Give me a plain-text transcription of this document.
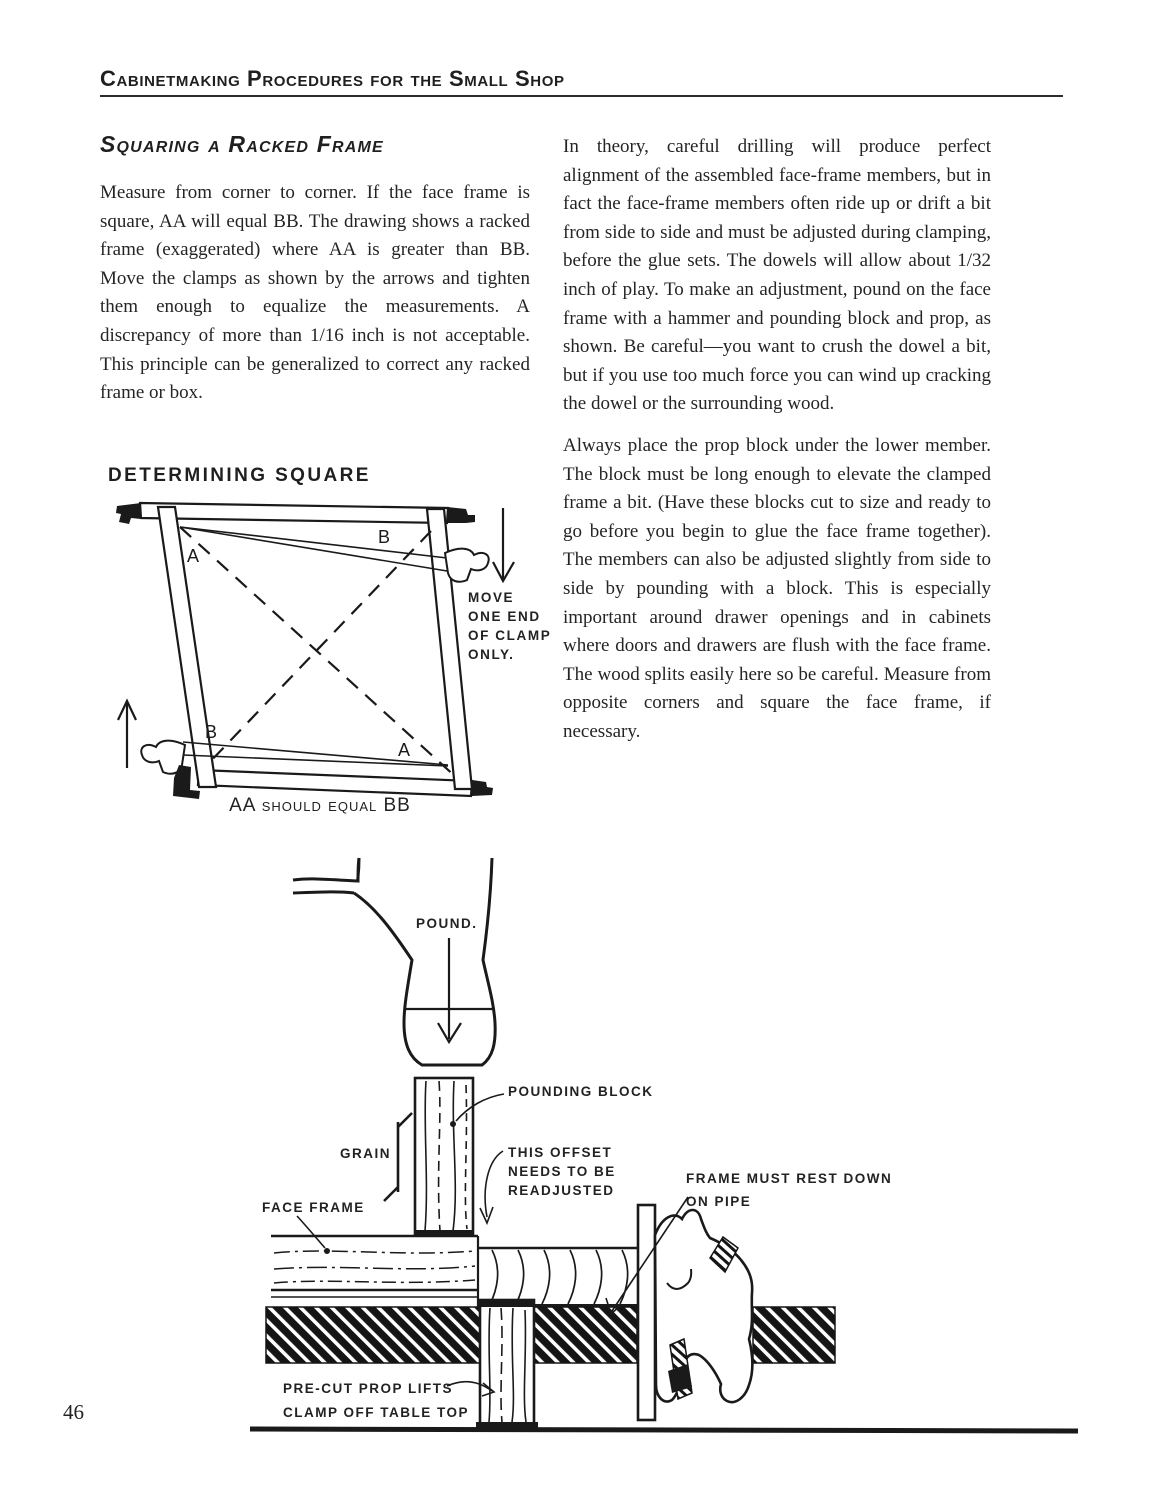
Cabinetmaking Procedures for the Small Shop
Squaring a Racked Frame

Measure from corner to corner. If the face frame is square, AA will equal BB. The drawing shows a racked frame (exaggerated) where AA is greater than BB. Move the clamps as shown by the arrows and tighten them enough to equalize the measurements. A discrepancy of more than 1/16 inch is not acceptable. This principle can be generalized to correct any racked frame or box.

In theory, careful drilling will produce perfect alignment of the assembled face-frame members, but in fact the face-frame members often ride up or drift a bit from side to side and must be adjusted during clamping, before the glue sets. The dowels will allow about 1/32 inch of play. To make an adjustment, pound on the face frame with a hammer and pounding block and prop, as shown. Be careful—you want to crush the dowel a bit, but if you use too much force you can wind up cracking the dowel or the surrounding wood.

Always place the prop block under the lower member. The block must be long enough to elevate the clamped frame a bit. (Have these blocks cut to size and ready to go before you begin to glue the face frame together). The members can also be adjusted slightly from side to side by pounding with a block. This is especially important around drawer openings and in cabinets where doors and drawers are flush with the face frame. The wood splits easily here so be careful. Measure from opposite corners and square the face frame, if necessary.

DETERMINING SQUARE
A
B
B
A
MOVE
ONE END
OF CLAMP
ONLY.
AA should equal BB
POUND.
POUNDING BLOCK
GRAIN	THIS OFFSET
NEEDS TO BE
READJUSTED
FACE FRAME
FRAME MUST REST DOWN
ON PIPE
PRE-CUT PROP LIFTS
CLAMP OFF TABLE TOP
46
